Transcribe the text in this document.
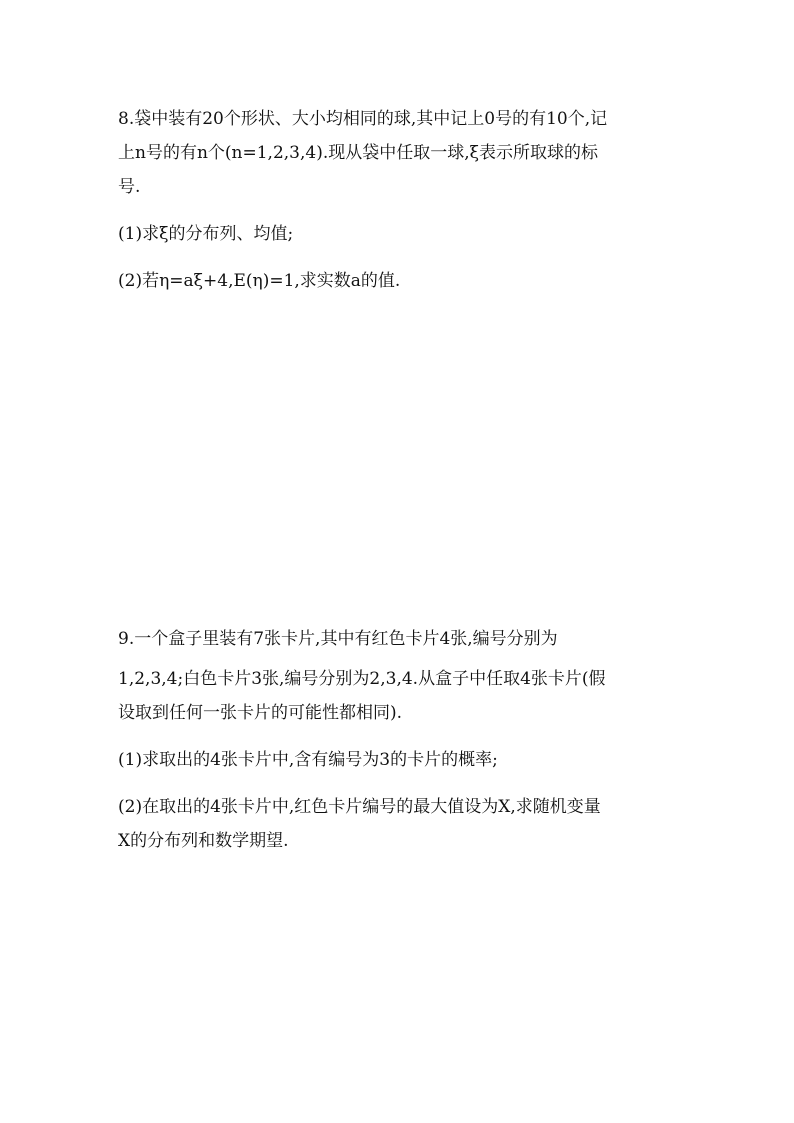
8.袋中装有20个形状、大小均相同的球,其中记上0号的有10个,记

上n号的有n个(n=1,2,3,4).现从袋中任取一球,ξ表示所取球的标

号.

(1)求ξ的分布列、均值;

(2)若η=aξ+4,E(η)=1,求实数a的值.

9.一个盒子里装有7张卡片,其中有红色卡片4张,编号分别为

1,2,3,4;白色卡片3张,编号分别为2,3,4.从盒子中任取4张卡片(假

设取到任何一张卡片的可能性都相同).

(1)求取出的4张卡片中,含有编号为3的卡片的概率;

(2)在取出的4张卡片中,红色卡片编号的最大值设为X,求随机变量

X的分布列和数学期望.
